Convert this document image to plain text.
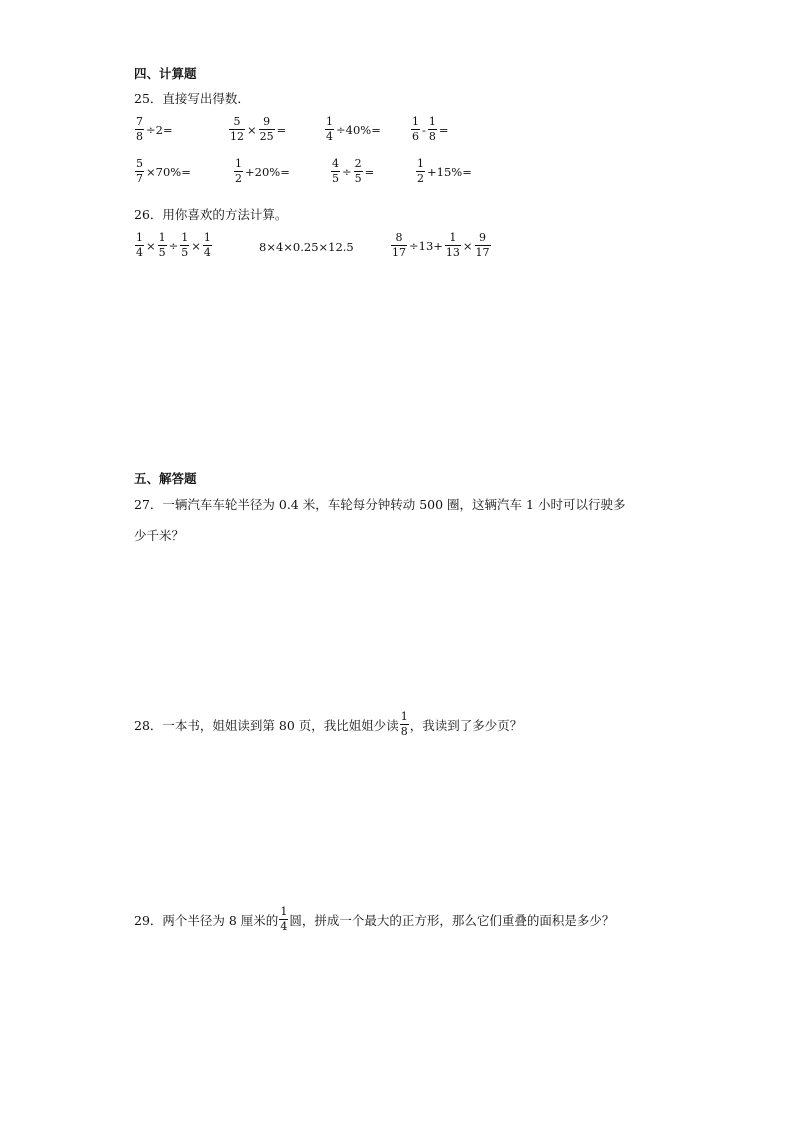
四、计算题
25．直接写出得数．
$\frac{7}{8} \div 2=$	$\frac{5}{12} \times \frac{9}{25}$ =	$\frac{1}{4} \div 40\%=$	$\frac{1}{6} - \frac{1}{8}$ =
$\frac{5}{7} \times 70\%=$	$\frac{1}{2} +20\%=$	$\frac{4}{5} \div \frac{2}{5}$ =	$\frac{1}{2} +15\%=$
26．用你喜欢的方法计算。
$\frac{1}{4} \times \frac{1}{5} \div \frac{1}{5} \times \frac{1}{4}$	8×4×0.25×12.5	$\frac{8}{17} \div 13+ \frac{1}{13} \times \frac{9}{17}$
五、解答题
27．一辆汽车车轮半径为 0.4 米，车轮每分钟转动 500 圈，这辆汽车 1 小时可以行驶多
少千米？
28．一本书，姐姐读到第 80 页，我比姐姐少读 $\frac{1}{8}$ ，我读到了多少页？
29．两个半径为 8 厘米的 $\frac{1}{4}$ 圆，拼成一个最大的正方形，那么它们重叠的面积是多少？
